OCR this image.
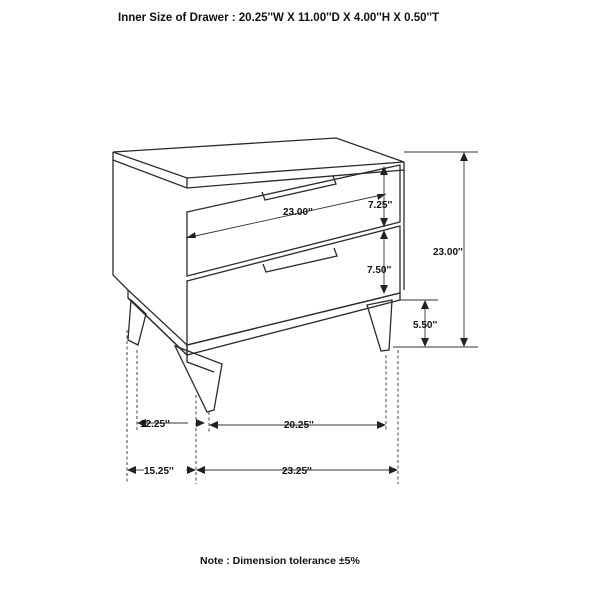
Inner Size of Drawer : 20.25''W X 11.00''D X 4.00''H X 0.50''T
23.00''
7.25''
7.50''
23.00''
5.50''
12.25''	20.25''
15.25''	23.25''
Note : Dimension tolerance ±5%
